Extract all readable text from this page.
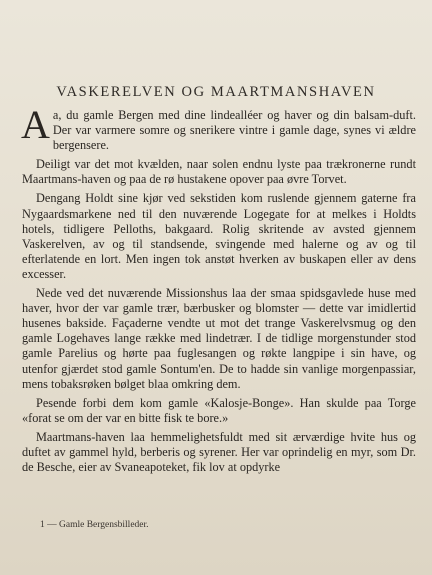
VASKERELVEN OG MAARTMANSHAVEN

Aa, du gamle Bergen med dine lindealléer og haver og din balsam-duft. Der var varmere somre og snerikere vintre i gamle dage, synes vi ældre bergensere.

Deiligt var det mot kvælden, naar solen endnu lyste paa trækronerne rundt Maartmans-haven og paa de rø hustakene opover paa øvre Torvet.

Dengang Holdt sine kjør ved sekstiden kom ruslende gjennem gaterne fra Nygaardsmarkene ned til den nuværende Logegate for at melkes i Holdts hotels, tidligere Pelloths, bakgaard. Rolig skritende av avsted gjennem Vaskerelven, av og til standsende, svingende med halerne og av og til efterlatende en lort. Men ingen tok anstøt hverken av buskapen eller av dens excesser.

Nede ved det nuværende Missionshus laa der smaa spidsgavlede huse med haver, hvor der var gamle trær, bærbusker og blomster — dette var imidlertid husenes bakside. Façaderne vendte ut mot det trange Vaskerelvsmug og den gamle Logehaves lange række med lindetrær. I de tidlige morgenstunder stod gamle Parelius og hørte paa fuglesangen og røkte langpipe i sin have, og utenfor gjærdet stod gamle Sontum'en. De to hadde sin vanlige morgenpassiar, mens tobaksrøken bølget blaa omkring dem.

Pesende forbi dem kom gamle «Kalosje-Bonge». Han skulde paa Torge «forat se om der var en bitte fisk te bore.»

Maartmans-haven laa hemmelighetsfuldt med sit ærværdige hvite hus og duftet av gammel hyld, berberis og syrener. Her var oprindelig en myr, som Dr. de Besche, eier av Svaneapoteket, fik lov at opdyrke

1 — Gamle Bergensbilleder.
